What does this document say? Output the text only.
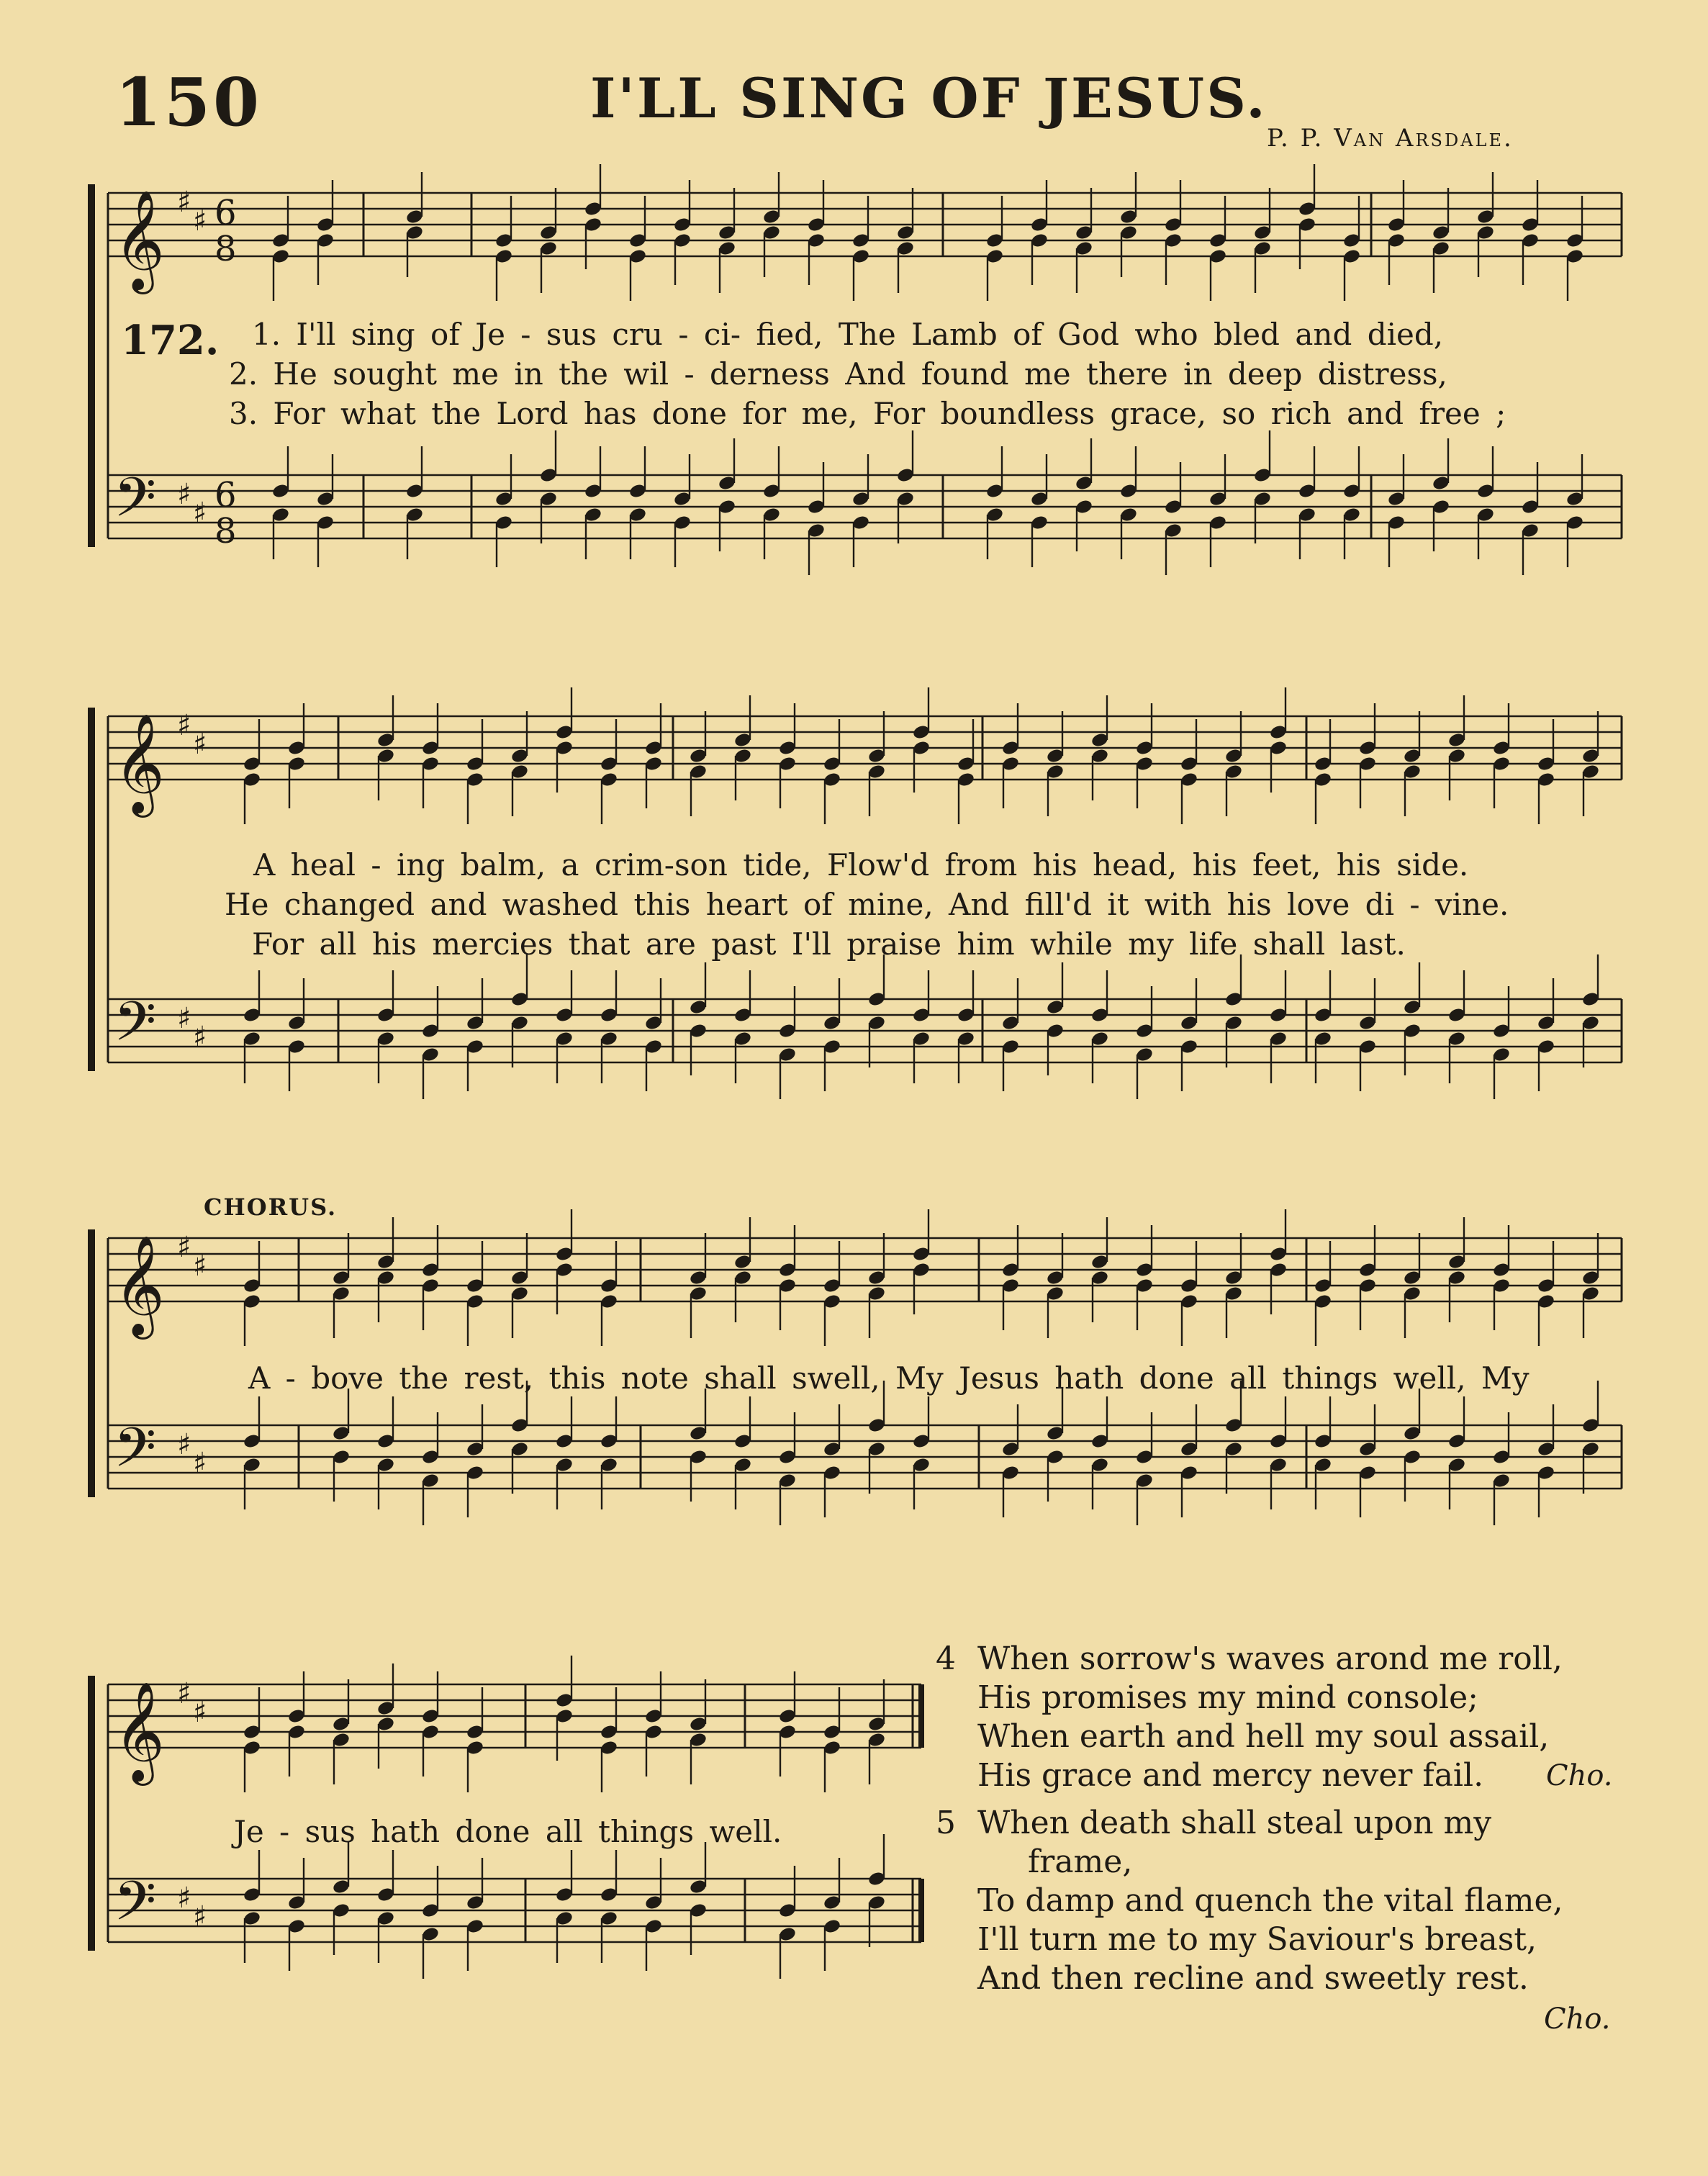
150	I'LL SING OF JESUS.
P. P. Van Arsdale.
𝄞
𝄢
♯
♯
♯
♯
6
8
6
8
𝄞
𝄢
♯
♯
♯
♯
𝄞
𝄢
♯
♯
♯
♯
𝄞
𝄢
♯
♯
♯
♯
172. 1. I'll sing of Je - sus cru - ci- fied, The Lamb of God who bled and died,
2. He sought me in the wil - derness And found me there in deep distress,
3. For what the Lord has done for me, For boundless grace, so rich and free ;
A heal - ing balm, a crim-son tide, Flow'd from his head, his feet, his side.
He changed and washed this heart of mine, And fill'd it with his love di - vine.
For all his mercies that are past I'll praise him while my life shall last.
CHORUS.
A - bove the rest, this note shall swell, My Jesus hath done all things well, My
Je - sus hath done all things well.
4 When sorrow's waves arond me roll,
His promises my mind console;
When earth and hell my soul assail,
His grace and mercy never fail. Cho.
5 When death shall steal upon my
frame,
To damp and quench the vital flame,
I'll turn me to my Saviour's breast,
And then recline and sweetly rest.
Cho.
